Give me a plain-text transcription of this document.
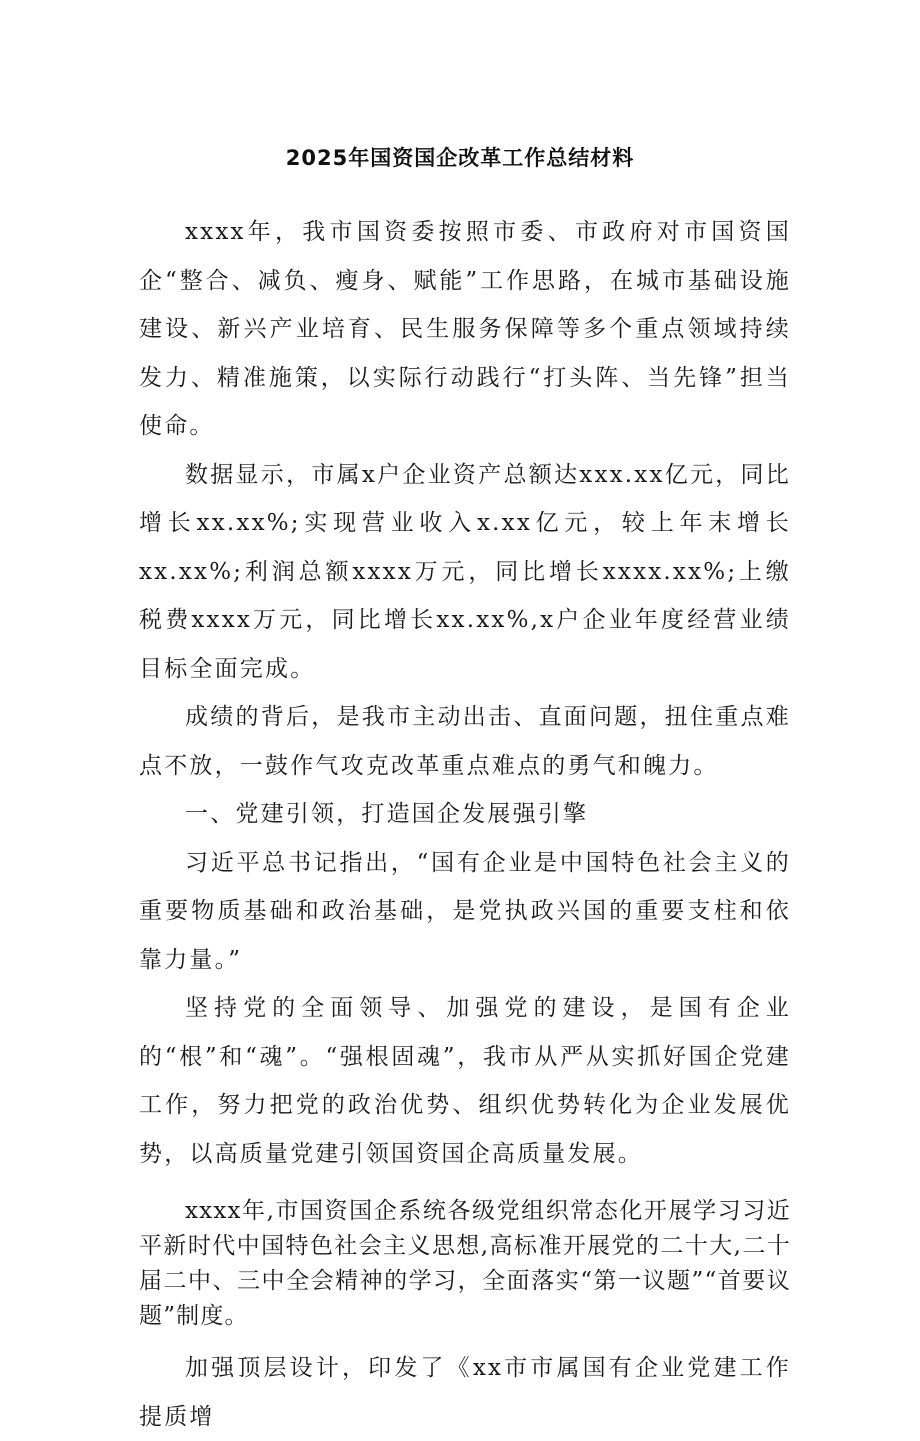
2025年国资国企改革工作总结材料

xxxx年，我市国资委按照市委、市政府对市国资国企“整合、减负、瘦身、赋能”工作思路，在城市基础设施建设、新兴产业培育、民生服务保障等多个重点领域持续发力、精准施策，以实际行动践行“打头阵、当先锋”担当使命。

数据显示，市属x户企业资产总额达xxx.xx亿元，同比增长xx.xx%;实现营业收入x.xx亿元，较上年末增长xx.xx%;利润总额xxxx万元，同比增长xxxx.xx%;上缴税费xxxx万元，同比增长xx.xx%,x户企业年度经营业绩目标全面完成。

成绩的背后，是我市主动出击、直面问题，扭住重点难点不放，一鼓作气攻克改革重点难点的勇气和魄力。

一、党建引领，打造国企发展强引擎

习近平总书记指出，“国有企业是中国特色社会主义的重要物质基础和政治基础，是党执政兴国的重要支柱和依靠力量。”

坚持党的全面领导、加强党的建设，是国有企业的“根”和“魂”。“强根固魂”，我市从严从实抓好国企党建工作，努力把党的政治优势、组织优势转化为企业发展优势，以高质量党建引领国资国企高质量发展。

xxxx年,市国资国企系统各级党组织常态化开展学习习近平新时代中国特色社会主义思想,高标准开展党的二十大,二十届二中、三中全会精神的学习，全面落实“第一议题”“首要议题”制度。

加强顶层设计，印发了《xx市市属国有企业党建工作提质增
